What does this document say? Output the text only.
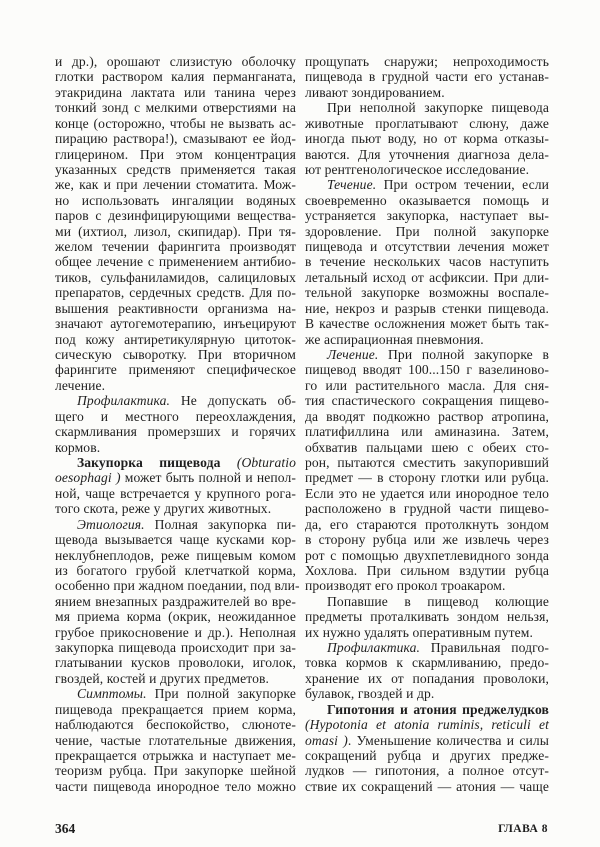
и др.), орошают слизистую оболочку
глотки раствором калия перманганата,
этакридина лактата или танина через
тонкий зонд с мелкими отверстиями на
конце (осторожно, чтобы не вызвать ас-
пирацию раствора!), смазывают ее йод-
глицерином. При этом концентрация
указанных средств применяется такая
же, как и при лечении стоматита. Мож-
но использовать ингаляции водяных
паров с дезинфицирующими вещества-
ми (ихтиол, лизол, скипидар). При тя-
желом течении фарингита производят
общее лечение с применением антибио-
тиков, сульфаниламидов, салициловых
препаратов, сердечных средств. Для по-
вышения реактивности организма на-
значают аутогемотерапию, инъецируют
под кожу антиретикулярную цитоток-
сическую сыворотку. При вторичном
фарингите применяют специфическое
лечение.
Профилактика. Не допускать об-
щего и местного переохлаждения,
скармливания промерзших и горячих
кормов.
Закупорка пищевода (Obturatio
oesophagi ) может быть полной и непол-
ной, чаще встречается у крупного рога-
того скота, реже у других животных.
Этиология. Полная закупорка пи-
щевода вызывается чаще кусками кор-
неклубнеплодов, реже пищевым комом
из богатого грубой клетчаткой корма,
особенно при жадном поедании, под вли-
янием внезапных раздражителей во вре-
мя приема корма (окрик, неожиданное
грубое прикосновение и др.). Неполная
закупорка пищевода происходит при за-
глатывании кусков проволоки, иголок,
гвоздей, костей и других предметов.
Симптомы. При полной закупорке
пищевода прекращается прием корма,
наблюдаются беспокойство, слюноте-
чение, частые глотательные движения,
прекращается отрыжка и наступает ме-
теоризм рубца. При закупорке шейной
части пищевода инородное тело можно
прощупать снаружи; непроходимость
пищевода в грудной части его устанав-
ливают зондированием.
При неполной закупорке пищевода
животные проглатывают слюну, даже
иногда пьют воду, но от корма отказы-
ваются. Для уточнения диагноза дела-
ют рентгенологическое исследование.
Течение. При остром течении, если
своевременно оказывается помощь и
устраняется закупорка, наступает вы-
здоровление. При полной закупорке
пищевода и отсутствии лечения может
в течение нескольких часов наступить
летальный исход от асфиксии. При дли-
тельной закупорке возможны воспале-
ние, некроз и разрыв стенки пищевода.
В качестве осложнения может быть так-
же аспирационная пневмония.
Лечение. При полной закупорке в
пищевод вводят 100...150 г вазелиново-
го или растительного масла. Для сня-
тия спастического сокращения пищево-
да вводят подкожно раствор атропина,
платифиллина или аминазина. Затем,
обхватив пальцами шею с обеих сто-
рон, пытаются сместить закупоривший
предмет — в сторону глотки или рубца.
Если это не удается или инородное тело
расположено в грудной части пищево-
да, его стараются протолкнуть зондом
в сторону рубца или же извлечь через
рот с помощью двухпетлевидного зонда
Хохлова. При сильном вздутии рубца
производят его прокол троакаром.
Попавшие в пищевод колющие
предметы проталкивать зондом нельзя,
их нужно удалять оперативным путем.
Профилактика. Правильная подго-
товка кормов к скармливанию, предо-
хранение их от попадания проволоки,
булавок, гвоздей и др.
Гипотония и атония преджелудков
(Hypotonia et atonia ruminis, reticuli et
omasi ). Уменьшение количества и силы
сокращений рубца и других преджe-
лудков — гипотония, а полное отсут-
ствие их сокращений — атония — чаще
364	ГЛАВА 8
